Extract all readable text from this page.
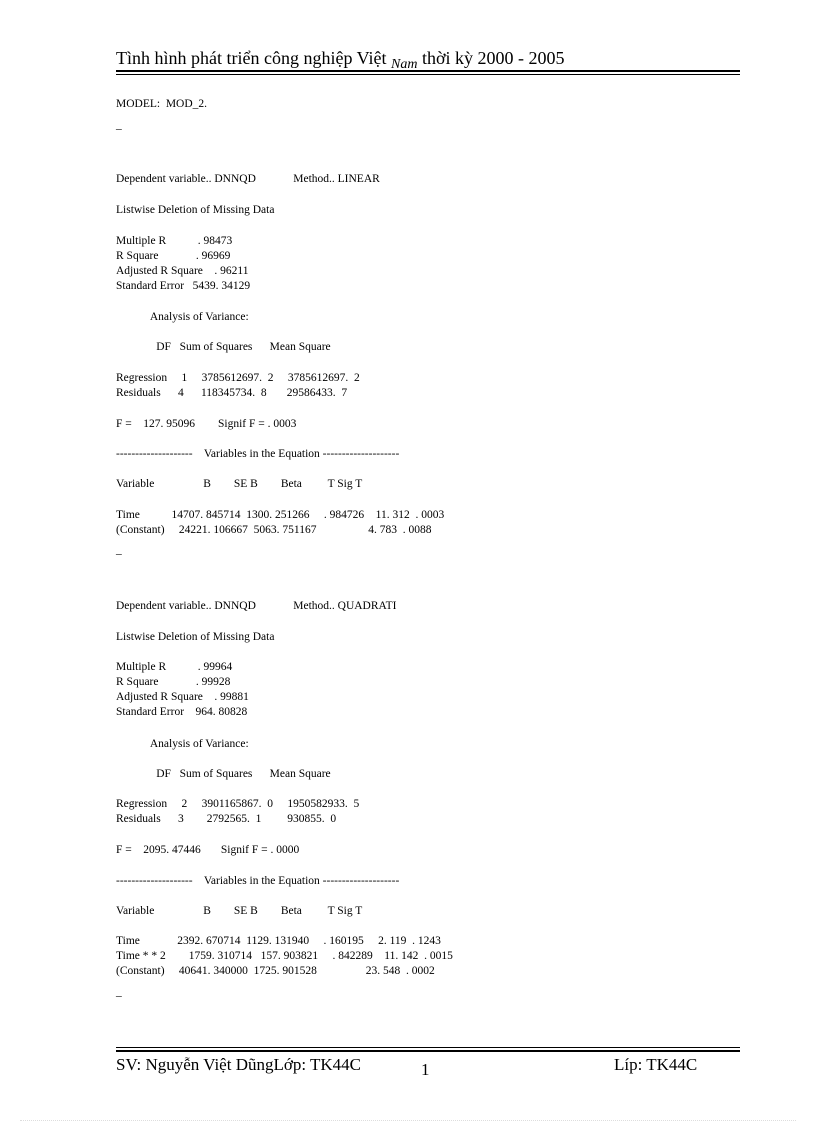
Tình hình phát triển công nghiệp Việt $_{Nam}$ thời kỳ 2000 - 2005
MODEL:  MOD_2.
_
Dependent variable.. DNNQD             Method.. LINEAR
Listwise Deletion of Missing Data
Multiple R           . 98473
R Square             . 96969
Adjusted R Square    . 96211
Standard Error   5439. 34129
Analysis of Variance:
DF   Sum of Squares      Mean Square
Regression     1     3785612697.  2     3785612697.  2
Residuals      4      118345734.  8       29586433.  7
F =    127. 95096        Signif F = . 0003
--------------------    Variables in the Equation --------------------
Variable                 B        SE B        Beta         T Sig T
Time           14707. 845714  1300. 251266     . 984726    11. 312  . 0003
(Constant)     24221. 106667  5063. 751167                  4. 783  . 0088
_
Dependent variable.. DNNQD             Method.. QUADRATI
Listwise Deletion of Missing Data
Multiple R           . 99964
R Square             . 99928
Adjusted R Square    . 99881
Standard Error    964. 80828
Analysis of Variance:
DF   Sum of Squares      Mean Square
Regression     2     3901165867.  0     1950582933.  5
Residuals      3        2792565.  1         930855.  0
F =    2095. 47446       Signif F = . 0000
--------------------    Variables in the Equation --------------------
Variable                 B        SE B        Beta         T Sig T
Time             2392. 670714  1129. 131940     . 160195     2. 119  . 1243
Time * * 2        1759. 310714   157. 903821     . 842289    11. 142  . 0015
(Constant)     40641. 340000  1725. 901528                 23. 548  . 0002
_
SV: Nguyễn Việt DũngLớp: TK44C	1	Líp: TK44C
